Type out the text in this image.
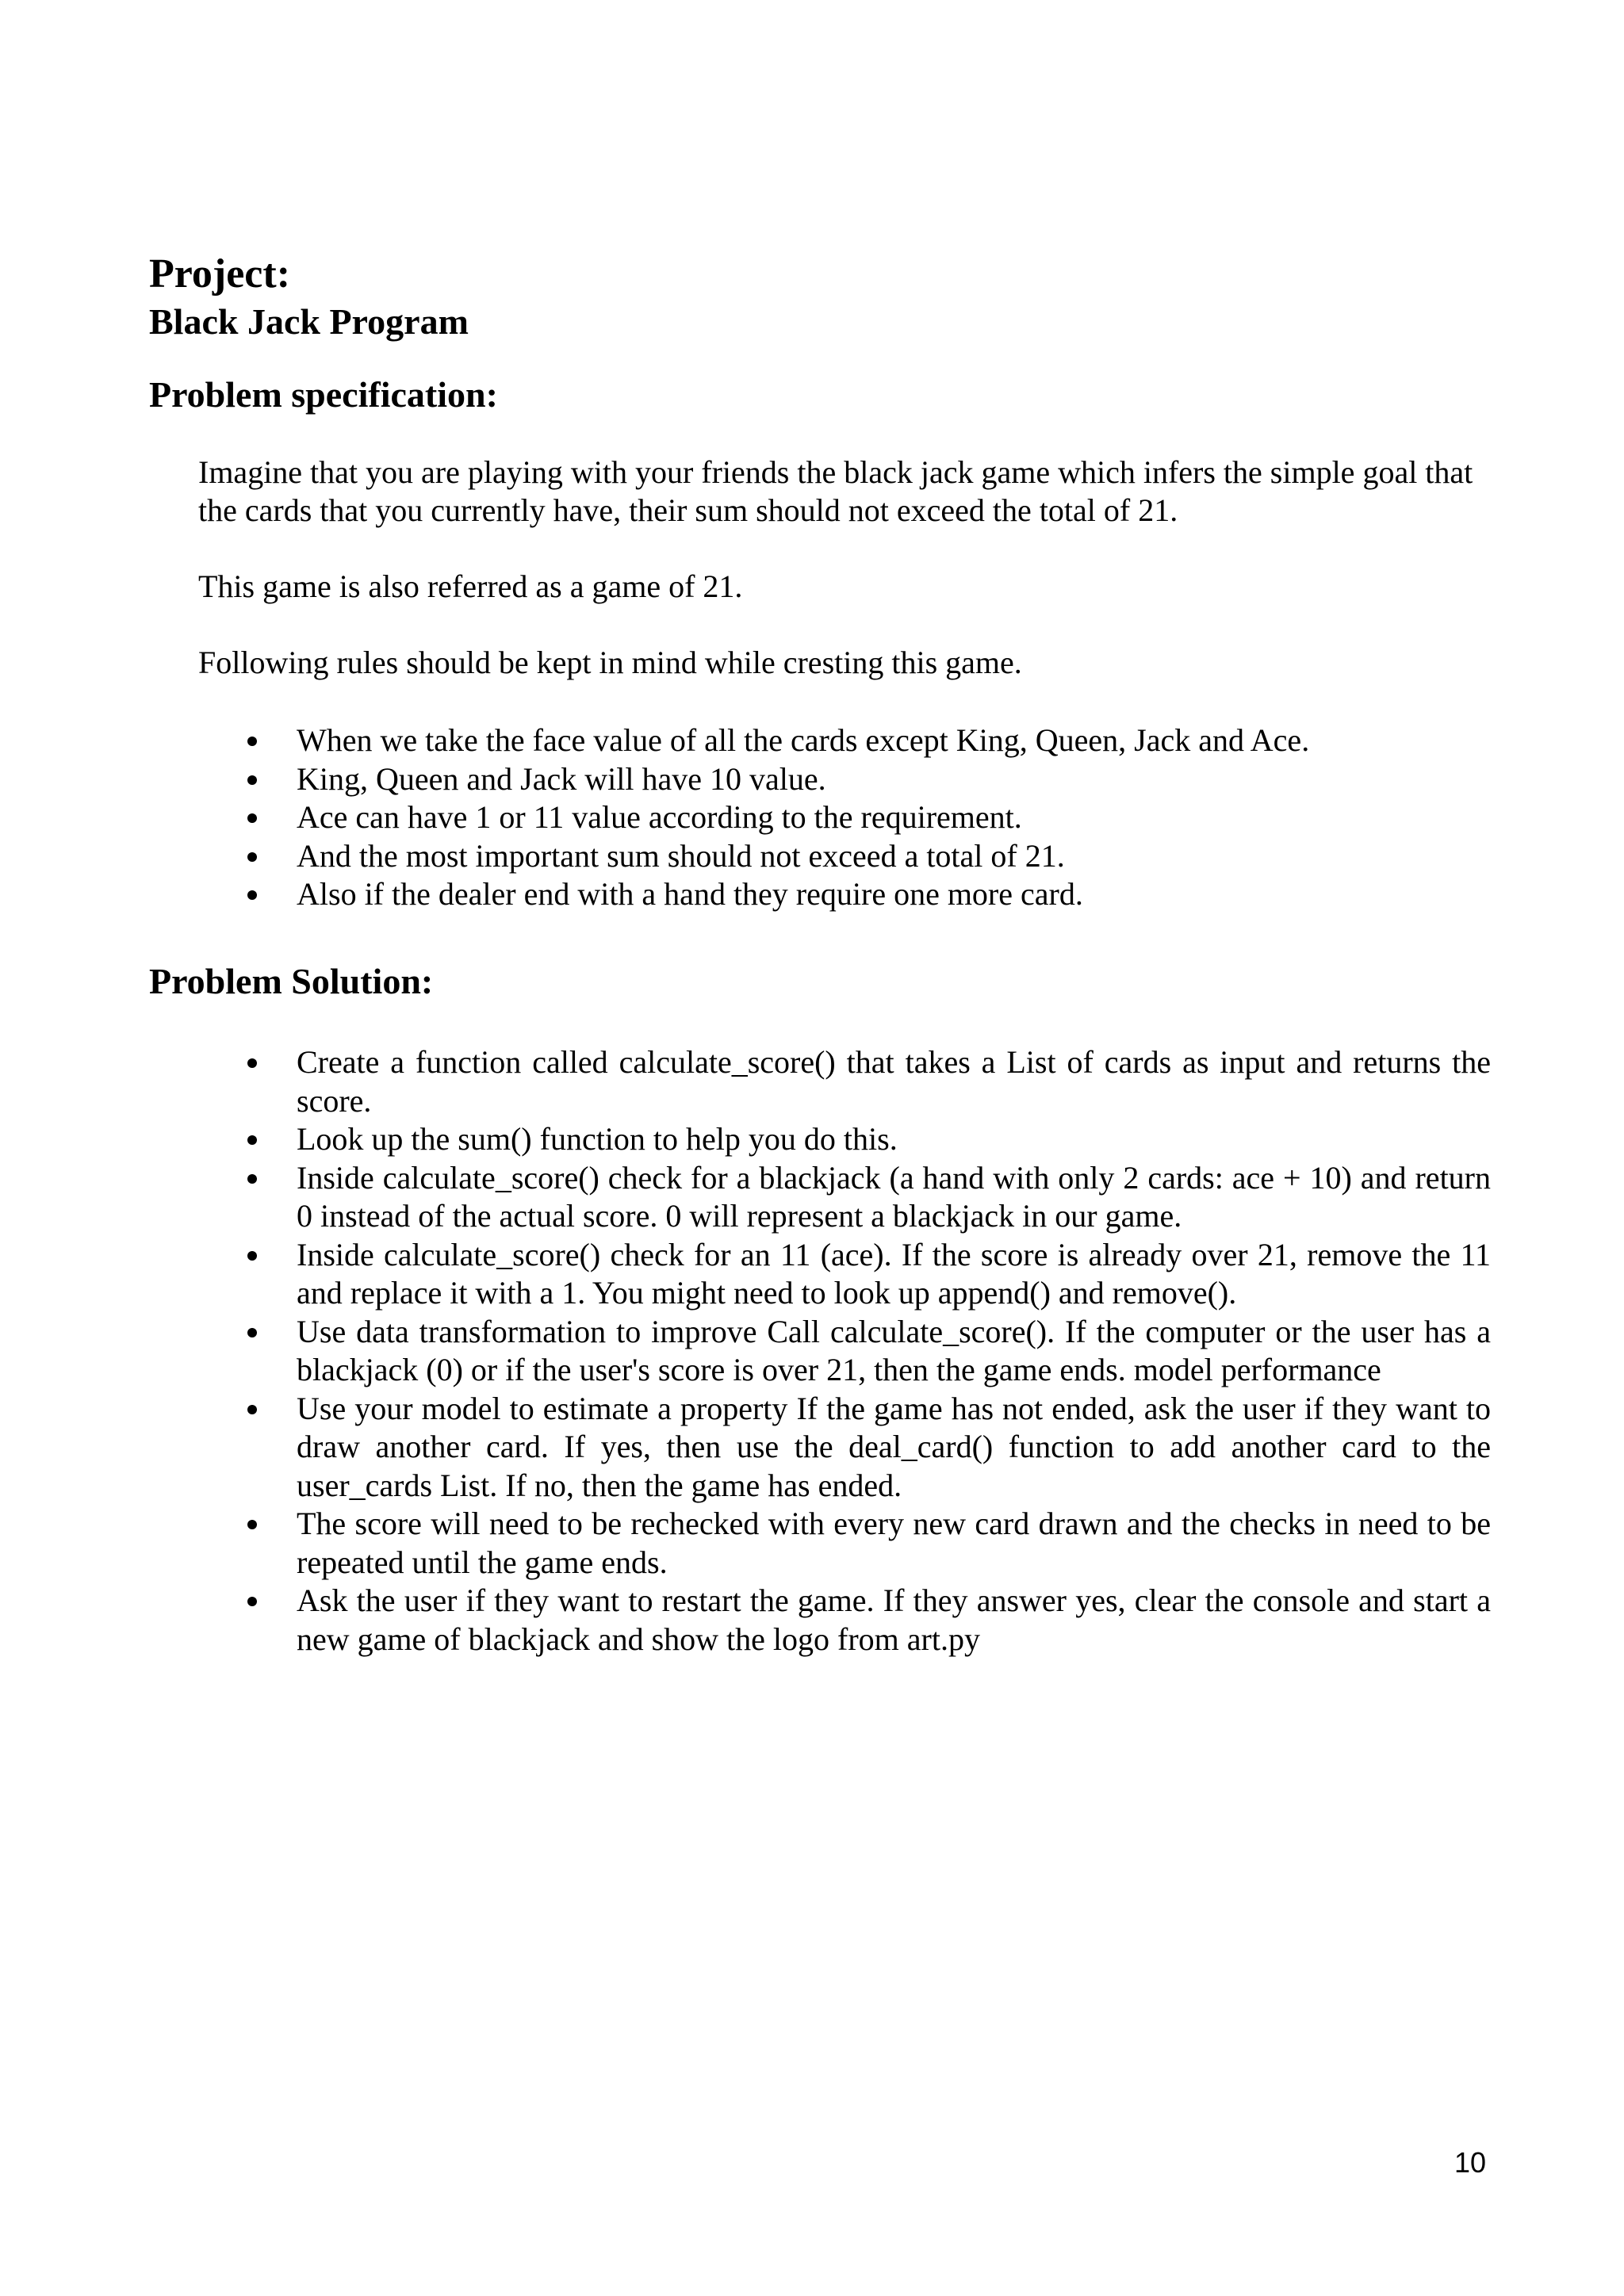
Project:
Black Jack Program
Problem specification:

Imagine that you are playing with your friends the black jack game which infers the simple goal that the cards that you currently have, their sum should not exceed the total of 21.

This game is also referred as a game of 21.

Following rules should be kept in mind while cresting this game.

When we take the face value of all the cards except King, Queen, Jack and Ace.
King, Queen and Jack will have 10 value.
Ace can have 1 or 11 value according to the requirement.
And the most important sum should not exceed a total of 21.
Also if the dealer end with a hand they require one more card.
Problem Solution:
Create a function called calculate_score() that takes a List of cards as input and returns the score.
Look up the sum() function to help you do this.
Inside calculate_score() check for a blackjack (a hand with only 2 cards: ace + 10) and return 0 instead of the actual score. 0 will represent a blackjack in our game.
Inside calculate_score() check for an 11 (ace). If the score is already over 21, remove the 11 and replace it with a 1. You might need to look up append() and remove().
Use data transformation to improve Call calculate_score(). If the computer or the user has a blackjack (0) or if the user's score is over 21, then the game ends. model performance
Use your model to estimate a property If the game has not ended, ask the user if they want to draw another card. If yes, then use the deal_card() function to add another card to the user_cards List. If no, then the game has ended.
The score will need to be rechecked with every new card drawn and the checks in need to be repeated until the game ends.
Ask the user if they want to restart the game. If they answer yes, clear the console and start a new game of blackjack and show the logo from art.py

10
